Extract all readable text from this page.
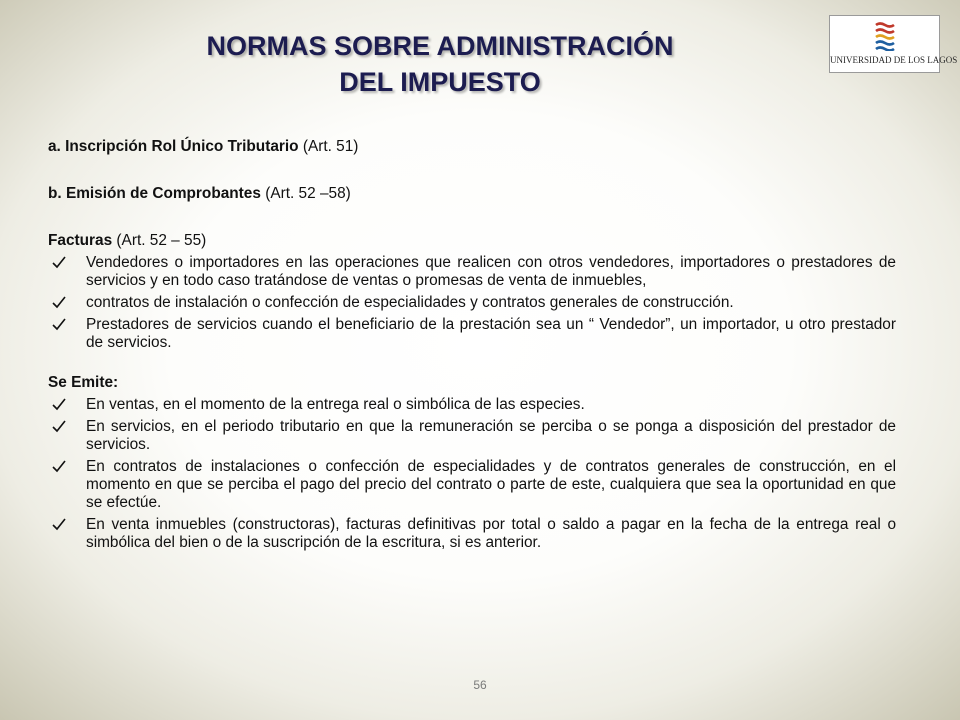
NORMAS SOBRE ADMINISTRACIÓN
DEL IMPUESTO
UNIVERSIDAD DE LOS LAGOS

a. Inscripción Rol Único Tributario (Art. 51)

b. Emisión de Comprobantes (Art. 52 –58)

Facturas (Art. 52 – 55)

Vendedores o importadores en las operaciones que realicen con otros vendedores, importadores o prestadores de servicios y en todo caso tratándose de ventas o promesas de venta de inmuebles,
contratos de instalación o confección de especialidades y contratos generales de construcción.
Prestadores de servicios cuando el beneficiario de la prestación sea un “ Vendedor”, un importador, u otro prestador de servicios.

Se Emite:

En ventas, en el momento de la entrega real o simbólica de las especies.
En servicios, en el periodo tributario en que la remuneración se perciba o se ponga a disposición del prestador de servicios.
En contratos de instalaciones o confección de especialidades y de contratos generales de construcción, en el momento en que se perciba el pago del precio del contrato o parte de este, cualquiera que sea la oportunidad en que se efectúe.
En venta inmuebles (constructoras), facturas definitivas por total o saldo a pagar en la fecha de la entrega real o simbólica del bien o de la suscripción de la escritura, si es anterior.
56
